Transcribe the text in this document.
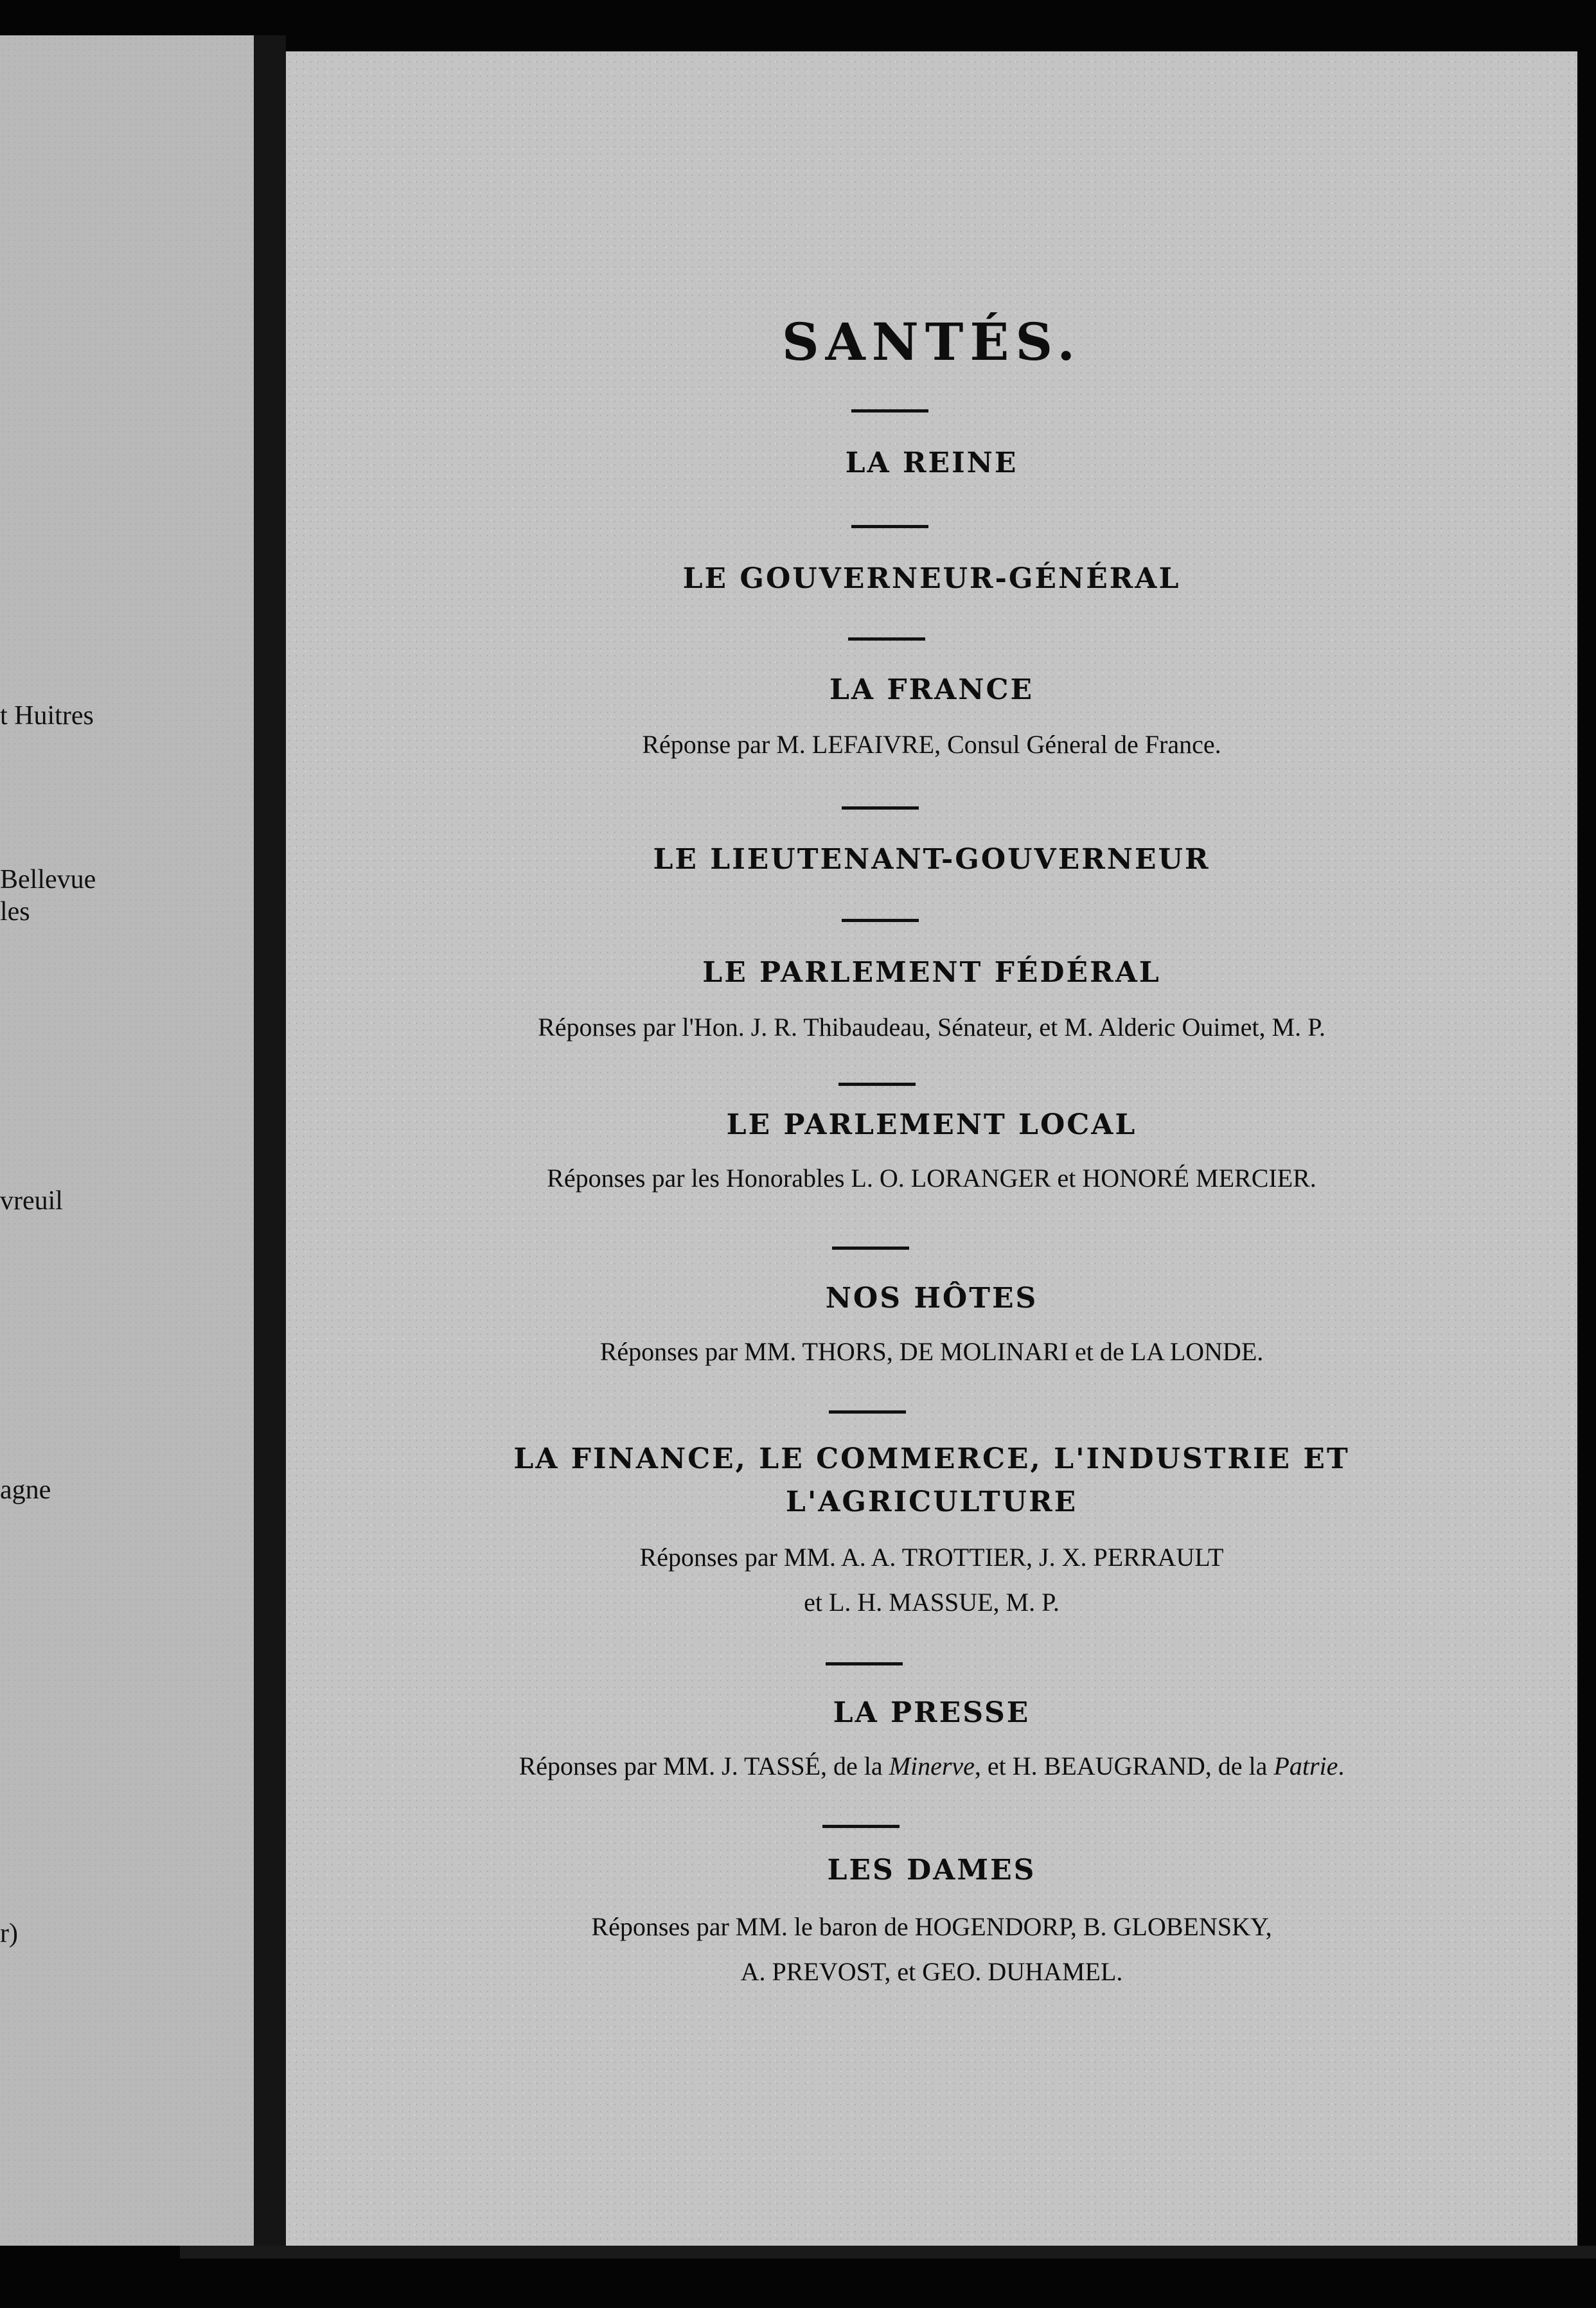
t Huitres
Bellevue
les
vreuil
agne
r)
SANTÉS.
LA REINE
LE GOUVERNEUR-GÉNÉRAL
LA FRANCE
Réponse par M. LEFAIVRE, Consul Géneral de France.
LE LIEUTENANT-GOUVERNEUR
LE PARLEMENT FÉDÉRAL
Réponses par l'Hon. J. R. Thibaudeau, Sénateur, et M. Alderic Ouimet, M. P.
LE PARLEMENT LOCAL
Réponses par les Honorables L. O. LORANGER et HONORÉ MERCIER.
NOS HÔTES
Réponses par MM. THORS, DE MOLINARI et de LA LONDE.
LA FINANCE, LE COMMERCE, L'INDUSTRIE ET
L'AGRICULTURE
Réponses par MM. A. A. TROTTIER, J. X. PERRAULT
et L. H. MASSUE, M. P.
LA PRESSE
Réponses par MM. J. TASSÉ, de la Minerve, et H. BEAUGRAND, de la Patrie.
LES DAMES
Réponses par MM. le baron de HOGENDORP, B. GLOBENSKY,
A. PREVOST, et GEO. DUHAMEL.
